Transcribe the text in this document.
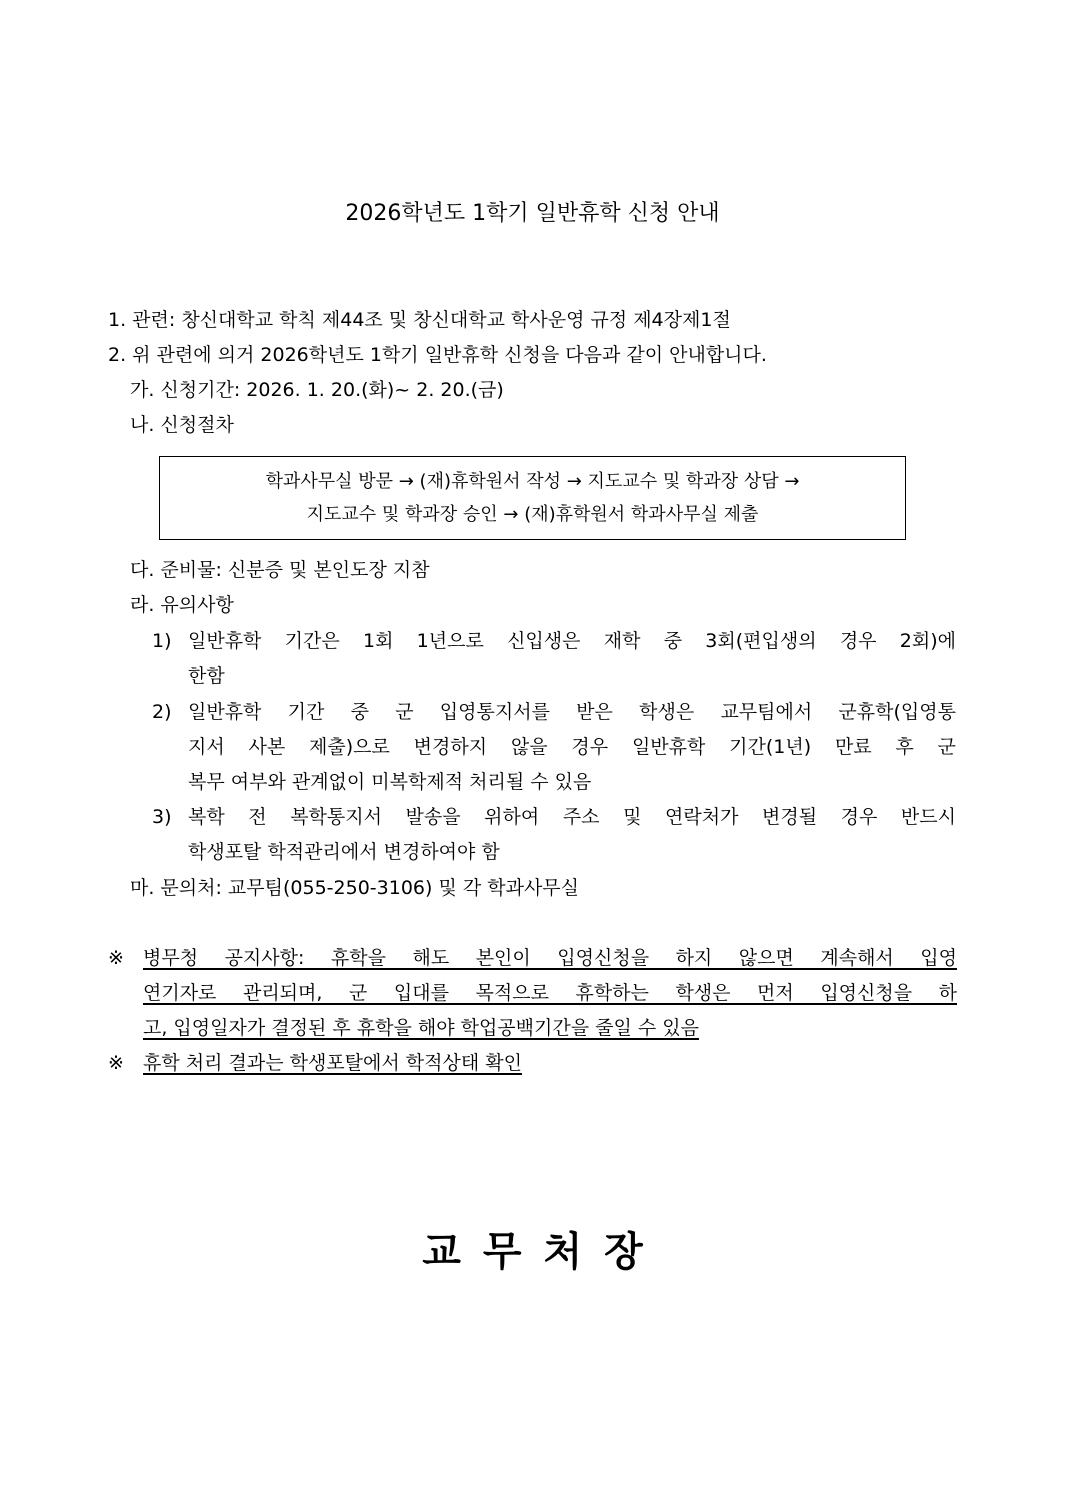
2026학년도 1학기 일반휴학 신청 안내
1. 관련: 창신대학교 학칙 제44조 및 창신대학교 학사운영 규정 제4장제1절
2. 위 관련에 의거 2026학년도 1학기 일반휴학 신청을 다음과 같이 안내합니다.
가. 신청기간: 2026. 1. 20.(화)~ 2. 20.(금)
나. 신청절차
학과사무실 방문 → (재)휴학원서 작성 → 지도교수 및 학과장 상담 →
지도교수 및 학과장 승인 → (재)휴학원서 학과사무실 제출
다. 준비물: 신분증 및 본인도장 지참
라. 유의사항
1) 일반휴학 기간은 1회 1년으로 신입생은 재학 중 3회(편입생의 경우 2회)에
한함
2) 일반휴학 기간 중 군 입영통지서를 받은 학생은 교무팀에서 군휴학(입영통
지서 사본 제출)으로 변경하지 않을 경우 일반휴학 기간(1년) 만료 후 군
복무 여부와 관계없이 미복학제적 처리될 수 있음
3) 복학 전 복학통지서 발송을 위하여 주소 및 연락처가 변경될 경우 반드시
학생포탈 학적관리에서 변경하여야 함
마. 문의처: 교무팀(055-250-3106) 및 각 학과사무실
※ 병무청 공지사항: 휴학을 해도 본인이 입영신청을 하지 않으면 계속해서 입영
연기자로 관리되며, 군 입대를 목적으로 휴학하는 학생은 먼저 입영신청을 하
고, 입영일자가 결정된 후 휴학을 해야 학업공백기간을 줄일 수 있음
※ 휴학 처리 결과는 학생포탈에서 학적상태 확인
교무처장
